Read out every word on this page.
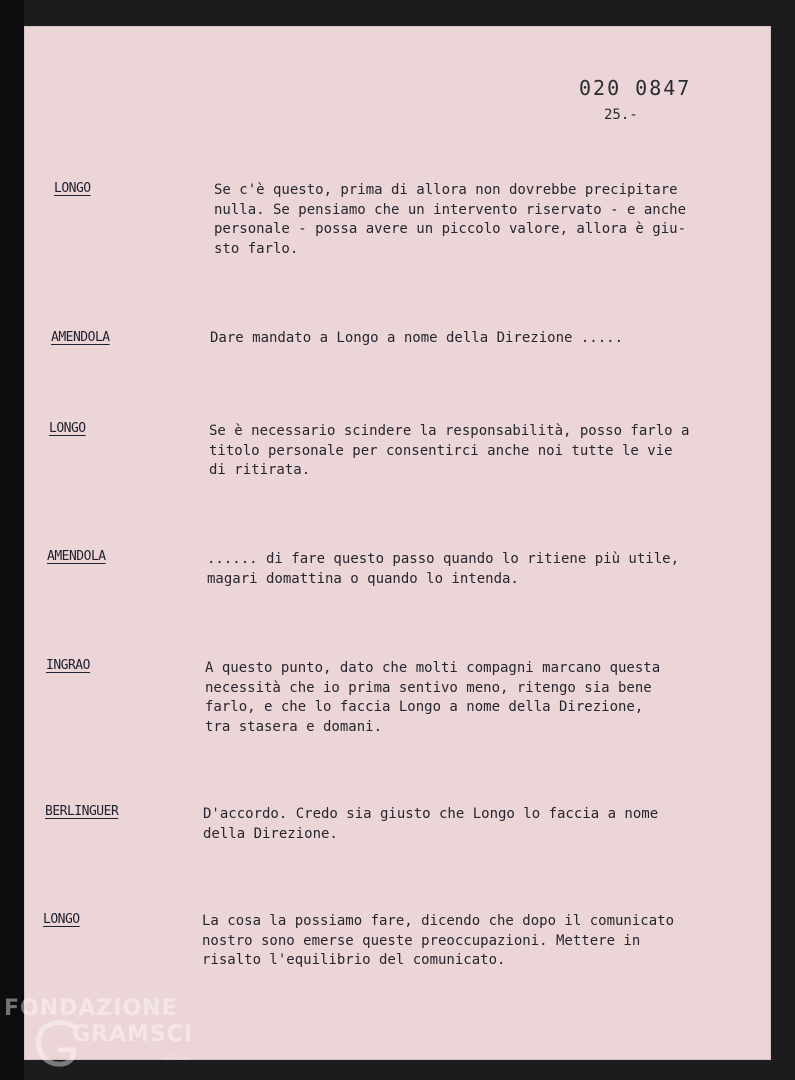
020 0847
25.-
LONGO	Se c'è questo, prima di allora non dovrebbe precipitare
nulla. Se pensiamo che un intervento riservato - e anche
personale - possa avere un piccolo valore, allora è giu-
sto farlo.
AMENDOLA	Dare mandato a Longo a nome della Direzione .....
LONGO	Se è necessario scindere la responsabilità, posso farlo a
titolo personale per consentirci anche noi tutte le vie
di ritirata.
AMENDOLA	...... di fare questo passo quando lo ritiene più utile,
magari domattina o quando lo intenda.
INGRAO	A questo punto, dato che molti compagni marcano questa
necessità che io prima sentivo meno, ritengo sia bene
farlo, e che lo faccia Longo a nome della Direzione,
tra stasera e domani.
BERLINGUER	D'accordo. Credo sia giusto che Longo lo faccia a nome
della Direzione.
LONGO	La cosa la possiamo fare, dicendo che dopo il comunicato
nostro sono emerse queste preoccupazioni. Mettere in
risalto l'equilibrio del comunicato.
FONDAZIONE
GRAMSCI
onlus
